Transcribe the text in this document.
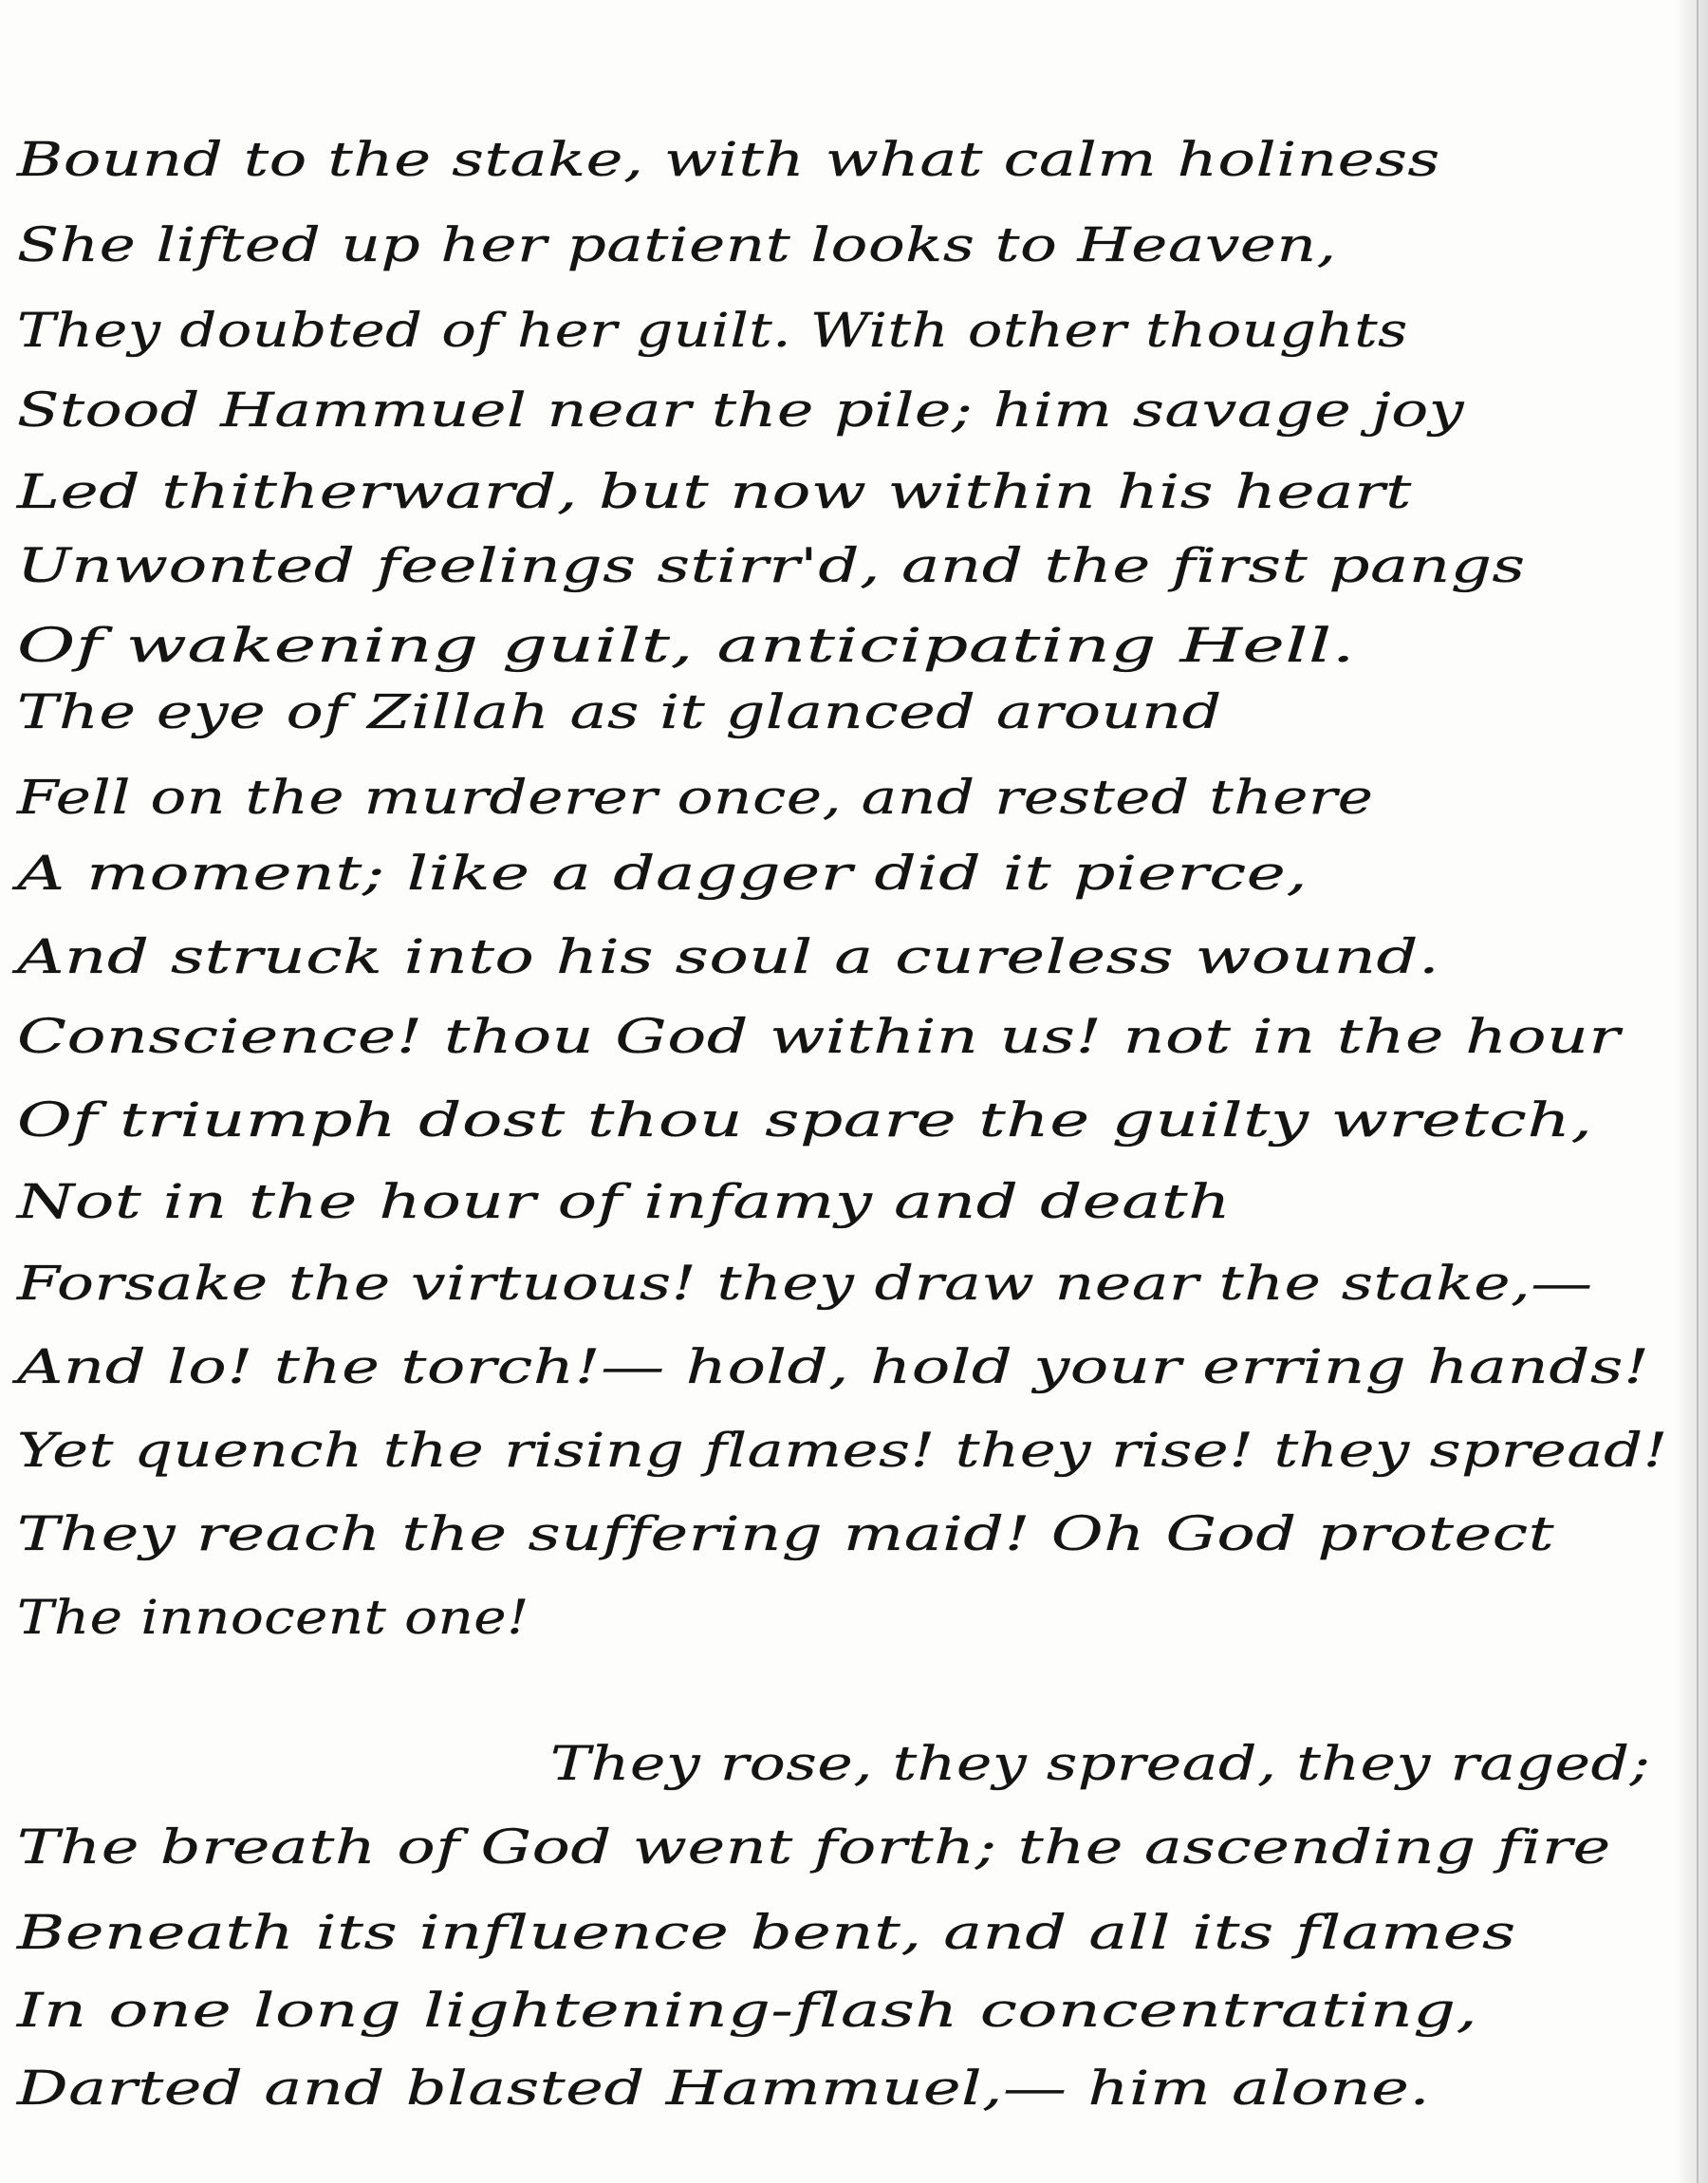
Bound to the stake, with what calm holiness
She lifted up her patient looks to Heaven,
They doubted of her guilt. With other thoughts
Stood Hammuel near the pile; him savage joy
Led thitherward, but now within his heart
Unwonted feelings stirr'd, and the first pangs
Of wakening guilt, anticipating Hell.
The eye of Zillah as it glanced around
Fell on the murderer once, and rested there
A moment; like a dagger did it pierce,
And struck into his soul a cureless wound.
Conscience! thou God within us! not in the hour
Of triumph dost thou spare the guilty wretch,
Not in the hour of infamy and death
Forsake the virtuous! they draw near the stake,—
And lo! the torch!— hold, hold your erring hands!
Yet quench the rising flames! they rise! they spread!
They reach the suffering maid! Oh God protect
The innocent one!
They rose, they spread, they raged;
The breath of God went forth; the ascending fire
Beneath its influence bent, and all its flames
In one long lightening-flash concentrating,
Darted and blasted Hammuel,— him alone.
